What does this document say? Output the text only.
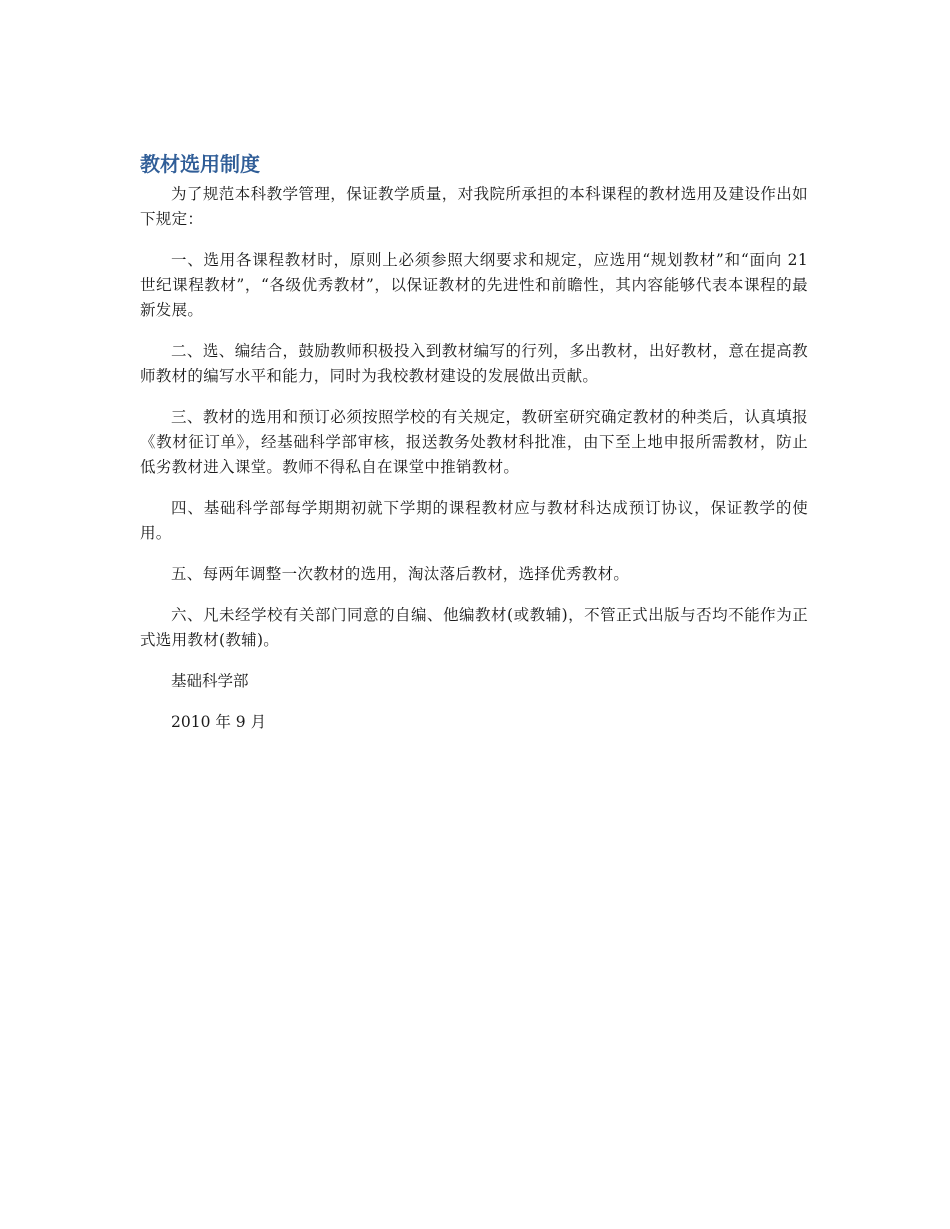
教材选用制度

为了规范本科教学管理，保证教学质量，对我院所承担的本科课程的教材选用及建设作出如下规定：

一、选用各课程教材时，原则上必须参照大纲要求和规定，应选用“规划教材”和“面向 21 世纪课程教材”，“各级优秀教材”，以保证教材的先进性和前瞻性，其内容能够代表本课程的最新发展。

二、选、编结合，鼓励教师积极投入到教材编写的行列，多出教材，出好教材，意在提高教师教材的编写水平和能力，同时为我校教材建设的发展做出贡献。

三、教材的选用和预订必须按照学校的有关规定，教研室研究确定教材的种类后，认真填报《教材征订单》，经基础科学部审核，报送教务处教材科批准，由下至上地申报所需教材，防止低劣教材进入课堂。教师不得私自在课堂中推销教材。

四、基础科学部每学期期初就下学期的课程教材应与教材科达成预订协议，保证教学的使用。

五、每两年调整一次教材的选用，淘汰落后教材，选择优秀教材。

六、凡未经学校有关部门同意的自编、他编教材(或教辅)，不管正式出版与否均不能作为正式选用教材(教辅)。

基础科学部

2010 年 9 月
